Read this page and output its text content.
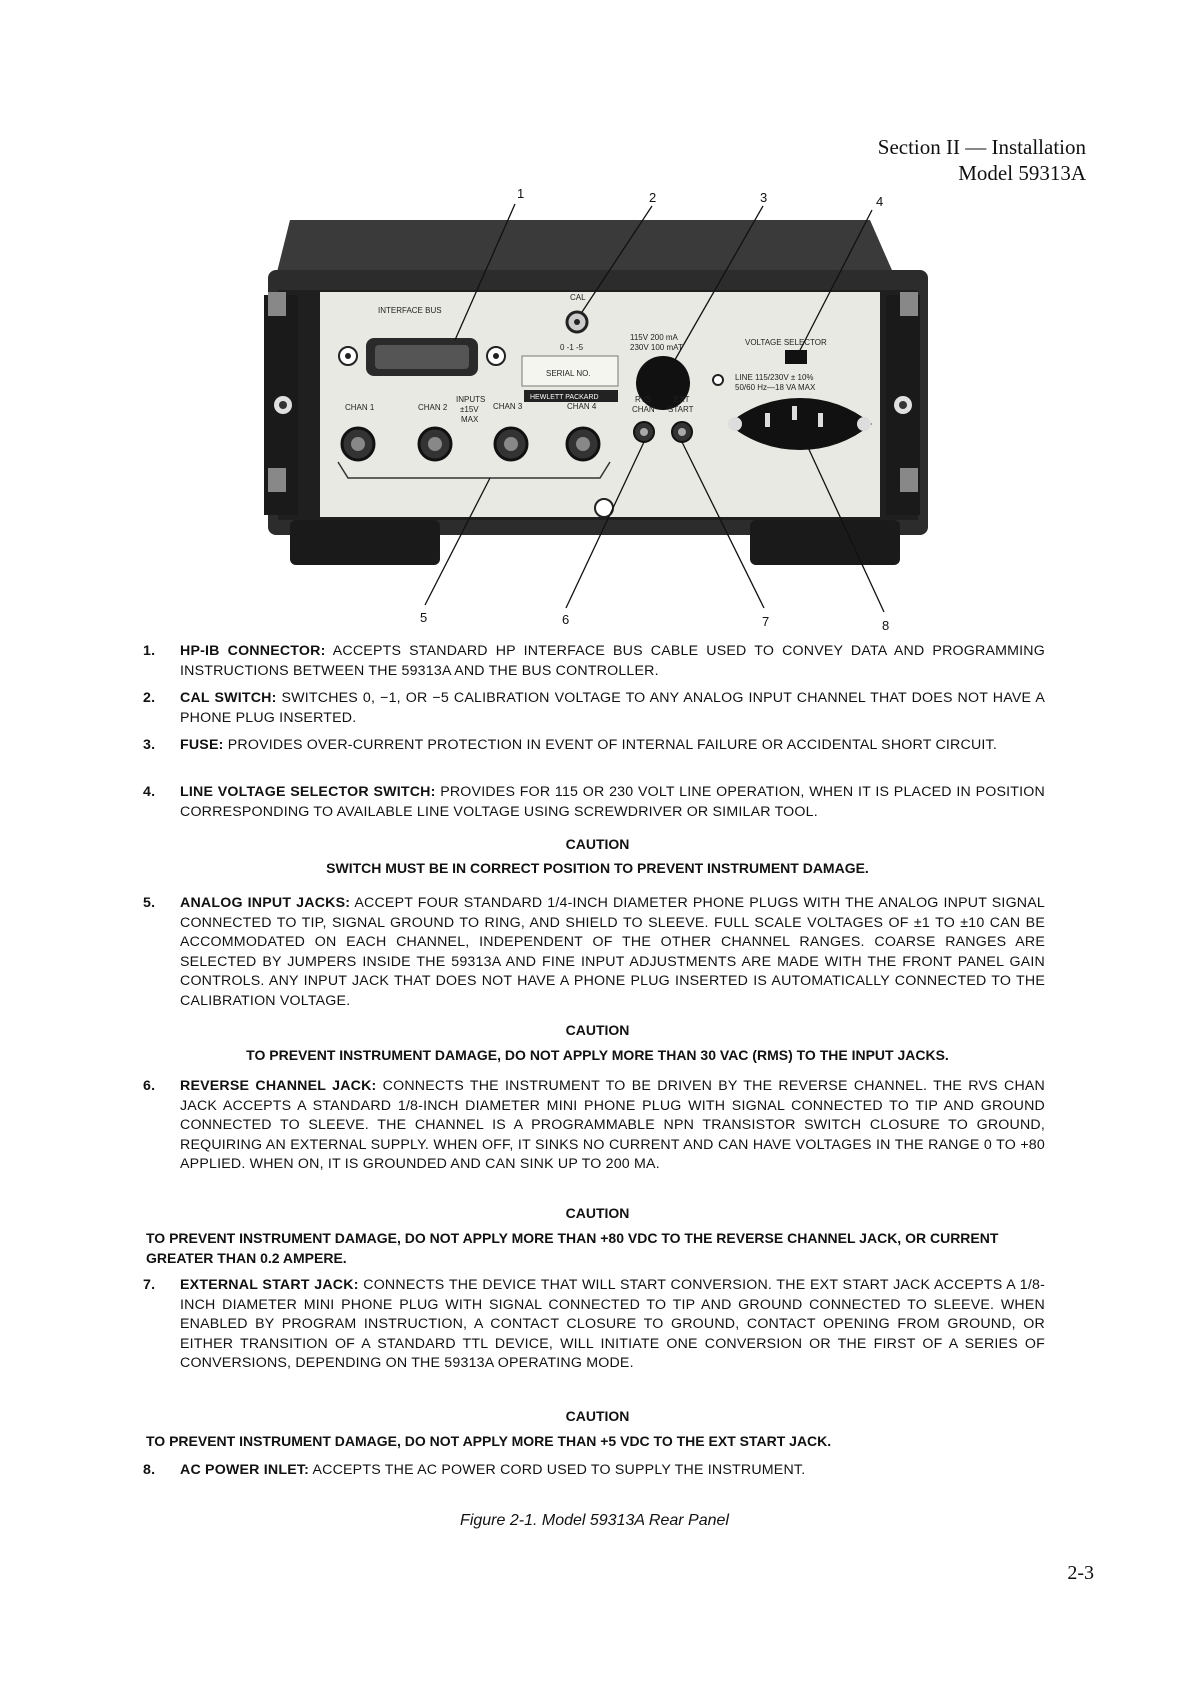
Section II — Installation
Model 59313A
1	2	3	4
5	6	7	8
INTERFACE BUS
CAL
0 -1 -5
SERIAL NO.
HEWLETT PACKARD
115V 200 mA
230V 100 mAT
VOLTAGE SELECTOR
LINE 115/230V ± 10%
50/60 Hz—18 VA MAX
CHAN 1	CHAN 2	CHAN 3	CHAN 4
INPUTS
±15V
MAX
RVS
CHAN
EXT
START
1. HP-IB CONNECTOR: ACCEPTS STANDARD HP INTERFACE BUS CABLE USED TO CONVEY DATA AND PROGRAMMING INSTRUCTIONS BETWEEN THE 59313A AND THE BUS CONTROLLER.
2. CAL SWITCH: SWITCHES 0, −1, OR −5 CALIBRATION VOLTAGE TO ANY ANALOG INPUT CHANNEL THAT DOES NOT HAVE A PHONE PLUG INSERTED.
3. FUSE: PROVIDES OVER-CURRENT PROTECTION IN EVENT OF INTERNAL FAILURE OR ACCIDENTAL SHORT CIRCUIT.
4. LINE VOLTAGE SELECTOR SWITCH: PROVIDES FOR 115 OR 230 VOLT LINE OPERATION, WHEN IT IS PLACED IN POSITION CORRESPONDING TO AVAILABLE LINE VOLTAGE USING SCREWDRIVER OR SIMILAR TOOL.
CAUTION
SWITCH MUST BE IN CORRECT POSITION TO PREVENT INSTRUMENT DAMAGE.
5. ANALOG INPUT JACKS: ACCEPT FOUR STANDARD 1/4-INCH DIAMETER PHONE PLUGS WITH THE ANALOG INPUT SIGNAL CONNECTED TO TIP, SIGNAL GROUND TO RING, AND SHIELD TO SLEEVE. FULL SCALE VOLTAGES OF ±1 TO ±10 CAN BE ACCOMMODATED ON EACH CHANNEL, INDEPENDENT OF THE OTHER CHANNEL RANGES. COARSE RANGES ARE SELECTED BY JUMPERS INSIDE THE 59313A AND FINE INPUT ADJUSTMENTS ARE MADE WITH THE FRONT PANEL GAIN CONTROLS. ANY INPUT JACK THAT DOES NOT HAVE A PHONE PLUG INSERTED IS AUTOMATICALLY CONNECTED TO THE CALIBRATION VOLTAGE.
CAUTION
TO PREVENT INSTRUMENT DAMAGE, DO NOT APPLY MORE THAN 30 VAC (RMS) TO THE INPUT JACKS.
6. REVERSE CHANNEL JACK: CONNECTS THE INSTRUMENT TO BE DRIVEN BY THE REVERSE CHANNEL. THE RVS CHAN JACK ACCEPTS A STANDARD 1/8-INCH DIAMETER MINI PHONE PLUG WITH SIGNAL CONNECTED TO TIP AND GROUND CONNECTED TO SLEEVE. THE CHANNEL IS A PROGRAMMABLE NPN TRANSISTOR SWITCH CLOSURE TO GROUND, REQUIRING AN EXTERNAL SUPPLY. WHEN OFF, IT SINKS NO CURRENT AND CAN HAVE VOLTAGES IN THE RANGE 0 TO +80 APPLIED. WHEN ON, IT IS GROUNDED AND CAN SINK UP TO 200 MA.
CAUTION
TO PREVENT INSTRUMENT DAMAGE, DO NOT APPLY MORE THAN +80 VDC TO THE REVERSE CHANNEL JACK, OR CURRENT GREATER THAN 0.2 AMPERE.
7. EXTERNAL START JACK: CONNECTS THE DEVICE THAT WILL START CONVERSION. THE EXT START JACK ACCEPTS A 1/8-INCH DIAMETER MINI PHONE PLUG WITH SIGNAL CONNECTED TO TIP AND GROUND CONNECTED TO SLEEVE. WHEN ENABLED BY PROGRAM INSTRUCTION, A CONTACT CLOSURE TO GROUND, CONTACT OPENING FROM GROUND, OR EITHER TRANSITION OF A STANDARD TTL DEVICE, WILL INITIATE ONE CONVERSION OR THE FIRST OF A SERIES OF CONVERSIONS, DEPENDING ON THE 59313A OPERATING MODE.
CAUTION
TO PREVENT INSTRUMENT DAMAGE, DO NOT APPLY MORE THAN +5 VDC TO THE EXT START JACK.
8. AC POWER INLET: ACCEPTS THE AC POWER CORD USED TO SUPPLY THE INSTRUMENT.
Figure 2-1. Model 59313A Rear Panel
2-3
